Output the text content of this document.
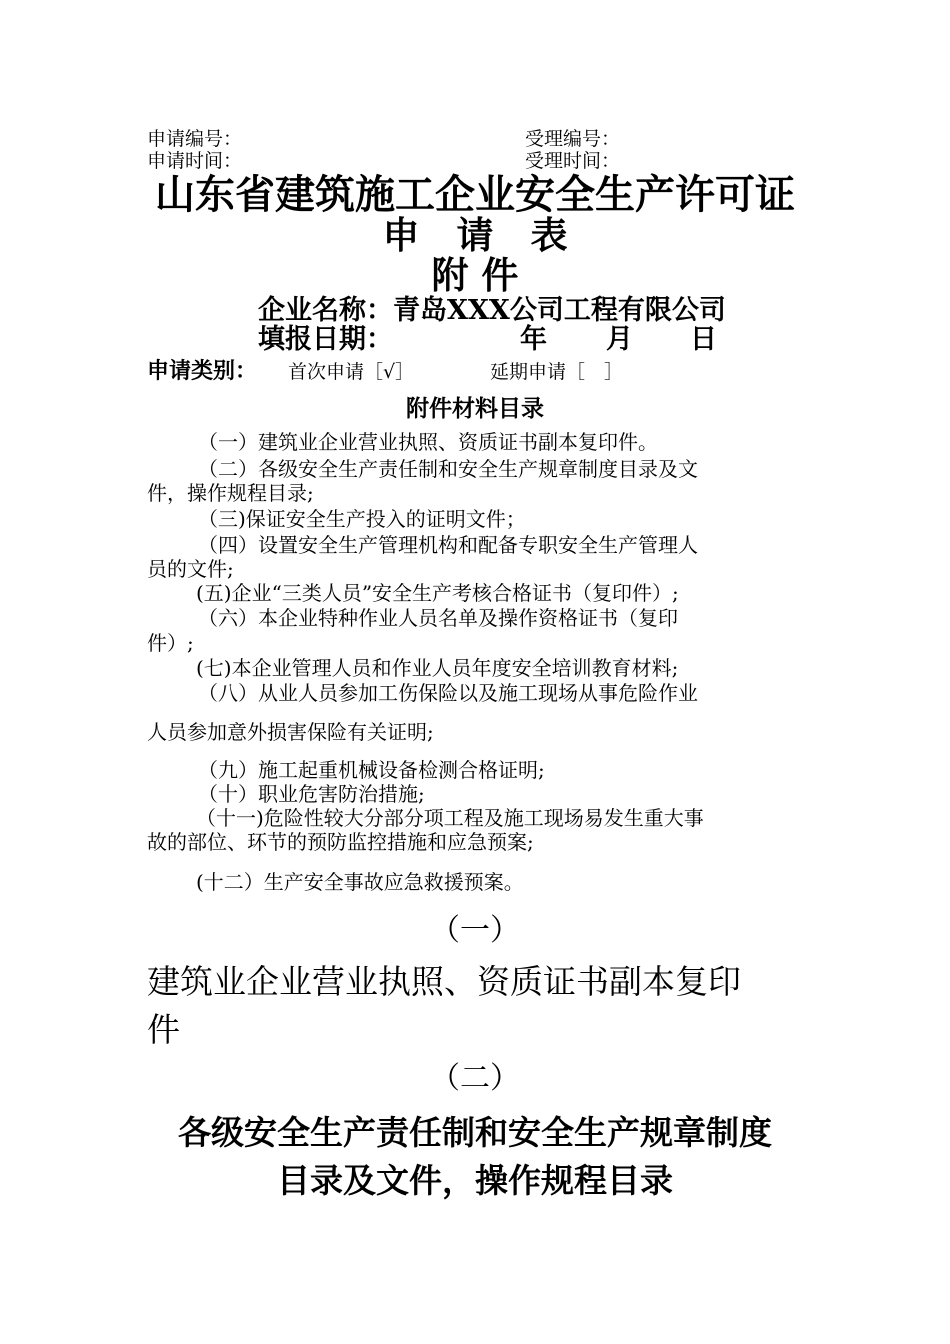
申请编号：	受理编号：
申请时间：	受理时间：
山东省建筑施工企业安全生产许可证
申　请　表
附 件
企业名称：青岛XXX公司工程有限公司
填报日期：	年 月 日
申请类别： 首次申请［√］	延期申请［　］
附件材料目录
（一）建筑业企业营业执照、资质证书副本复印件。
（二）各级安全生产责任制和安全生产规章制度目录及文
件，操作规程目录;
（三)保证安全生产投入的证明文件；
（四）设置安全生产管理机构和配备专职安全生产管理人
员的文件;
(五)企业“三类人员”安全生产考核合格证书（复印件）;
（六）本企业特种作业人员名单及操作资格证书（复印
件）;
(七)本企业管理人员和作业人员年度安全培训教育材料;
（八）从业人员参加工伤保险以及施工现场从事危险作业
人员参加意外损害保险有关证明;
（九）施工起重机械设备检测合格证明;
（十）职业危害防治措施;
（十一)危险性较大分部分项工程及施工现场易发生重大事
故的部位、环节的预防监控措施和应急预案;
(十二）生产安全事故应急救援预案。
（一）
建筑业企业营业执照、资质证书副本复印
件
（二）
各级安全生产责任制和安全生产规章制度
目录及文件，操作规程目录
